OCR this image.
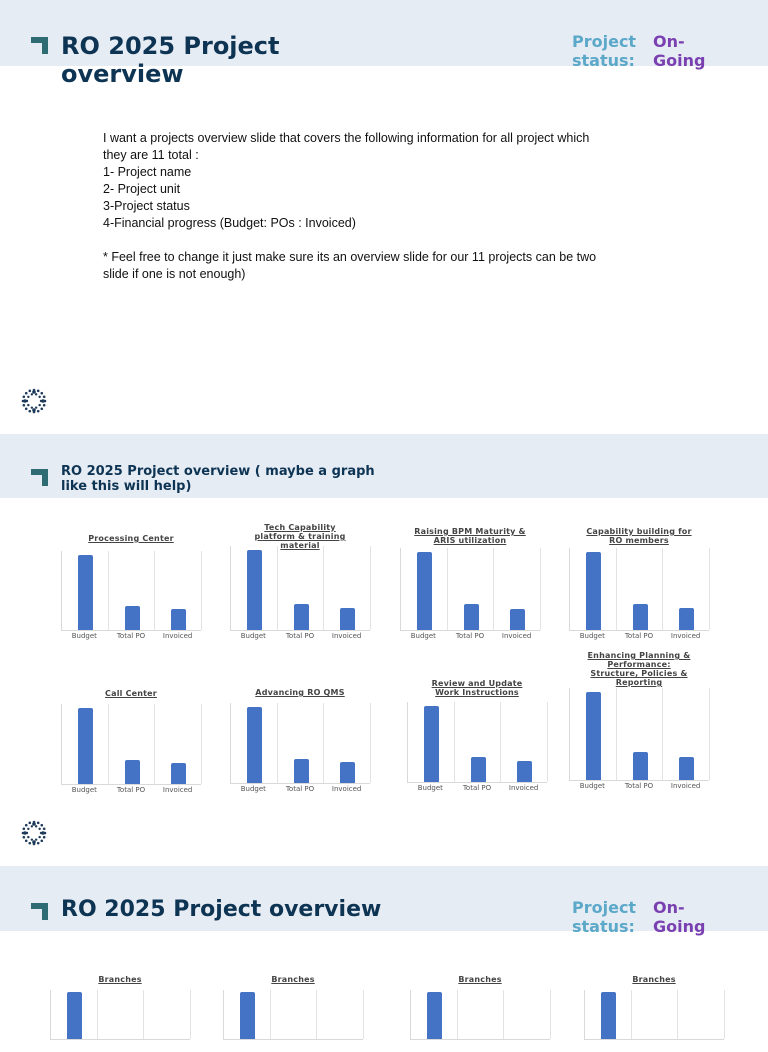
RO 2025 Project overview
Project status:
On-Going

I want a projects overview slide that covers the following information for all project which

they are 11 total :

1- Project name

2- Project unit

3-Project status

4-Financial progress (Budget: POs : Invoiced)

* Feel free to change it just make sure its an overview slide for our 11 projects can be two

slide if one is not enough)

RO 2025 Project overview ( maybe a graph like this will help)
RO 2025 Project overview	Project status:
On-Going
Processing Center
Budget	Total PO	Invoiced
Tech Capability platform & training material
Budget	Total PO	Invoiced
Raising BPM Maturity & ARIS utilization
Budget	Total PO	Invoiced
Capability building for RO members
Budget	Total PO	Invoiced
Call Center
Budget	Total PO	Invoiced
Advancing RO QMS
Budget	Total PO	Invoiced
Review and Update Work Instructions
Budget	Total PO	Invoiced
Enhancing Planning & Performance: Structure, Policies & Reporting
Budget	Total PO	Invoiced
Branches	Branches	Branches	Branches
